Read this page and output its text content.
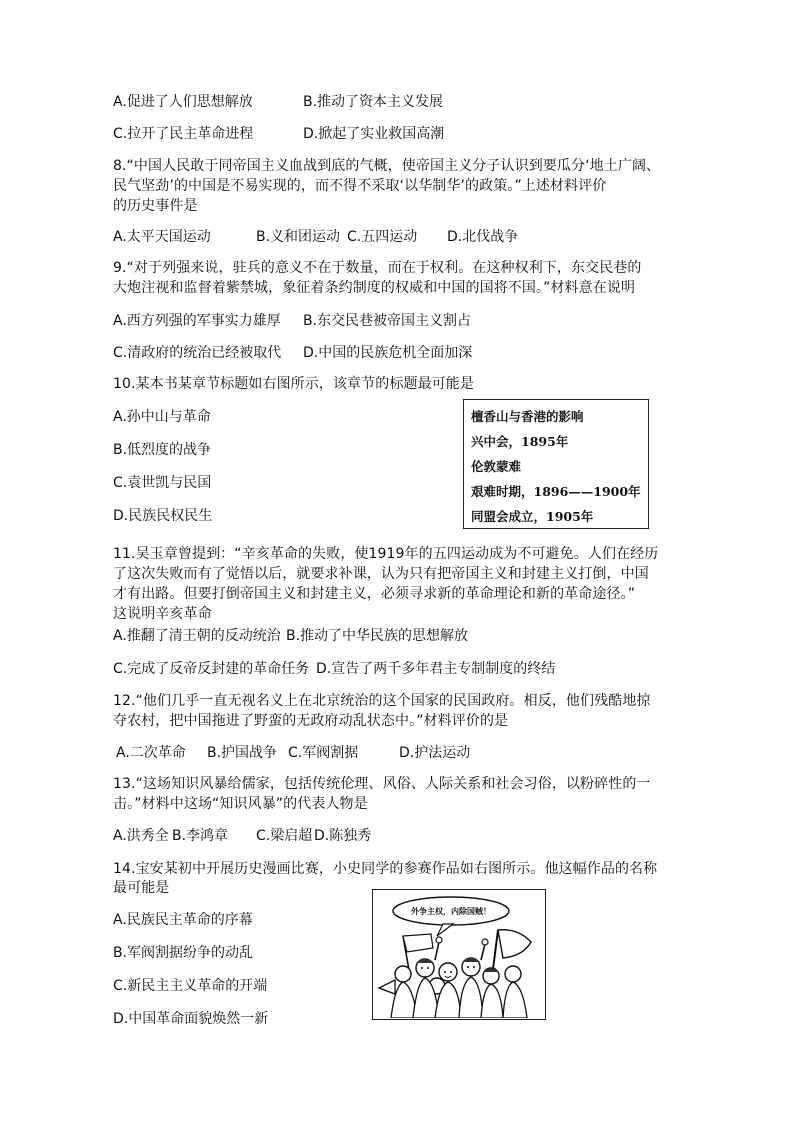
A.促进了人们思想解放	B.推动了资本主义发展
C.拉开了民主革命进程	D.掀起了实业救国高潮
8.“中国人民敢于同帝国主义血战到底的气概，使帝国主义分子认识到要瓜分‘地土广阔、
民气坚劲’的中国是不易实现的，而不得不采取‘以华制华’的政策。”上述材料评价
的历史事件是
A.太平天国运动	B.义和团运动 C.五四运动 D.北伐战争
9.“对于列强来说，驻兵的意义不在于数量，而在于权利。在这种权利下，东交民巷的
大炮注视和监督着紫禁城，象征着条约制度的权威和中国的国将不国。”材料意在说明
A.西方列强的军事实力雄厚 B.东交民巷被帝国主义割占
C.清政府的统治已经被取代 D.中国的民族危机全面加深
10.某本书某章节标题如右图所示，该章节的标题最可能是
A.孙中山与革命
B.低烈度的战争
C.袁世凯与民国
D.民族民权民生
檀香山与香港的影响
兴中会，1895年
伦敦蒙难
艰难时期，1896——1900年
同盟会成立，1905年
11.吴玉章曾提到：“辛亥革命的失败，使1919年的五四运动成为不可避免。人们在经历
了这次失败而有了觉悟以后，就要求补课，认为只有把帝国主义和封建主义打倒，中国
才有出路。但要打倒帝国主义和封建主义，必须寻求新的革命理论和新的革命途径。”
这说明辛亥革命
A.推翻了清王朝的反动统治 B.推动了中华民族的思想解放
C.完成了反帝反封建的革命任务 D.宣告了两千多年君主专制制度的终结
12.“他们几乎一直无视名义上在北京统治的这个国家的民国政府。相反，他们残酷地掠
夺农村，把中国拖进了野蛮的无政府动乱状态中。”材料评价的是
A.二次革命 B.护国战争 C.军阀割据	D.护法运动
13.“这场知识风暴给儒家，包括传统伦理、风俗、人际关系和社会习俗，以粉碎性的一
击。”材料中这场“知识风暴”的代表人物是
A.洪秀全 B.李鸿章 C.梁启超 D.陈独秀
14.宝安某初中开展历史漫画比赛，小史同学的参赛作品如右图所示。他这幅作品的名称
最可能是
A.民族民主革命的序幕
B.军阀割据纷争的动乱
C.新民主主义革命的开端
D.中国革命面貌焕然一新
外争主权，内除国贼！
